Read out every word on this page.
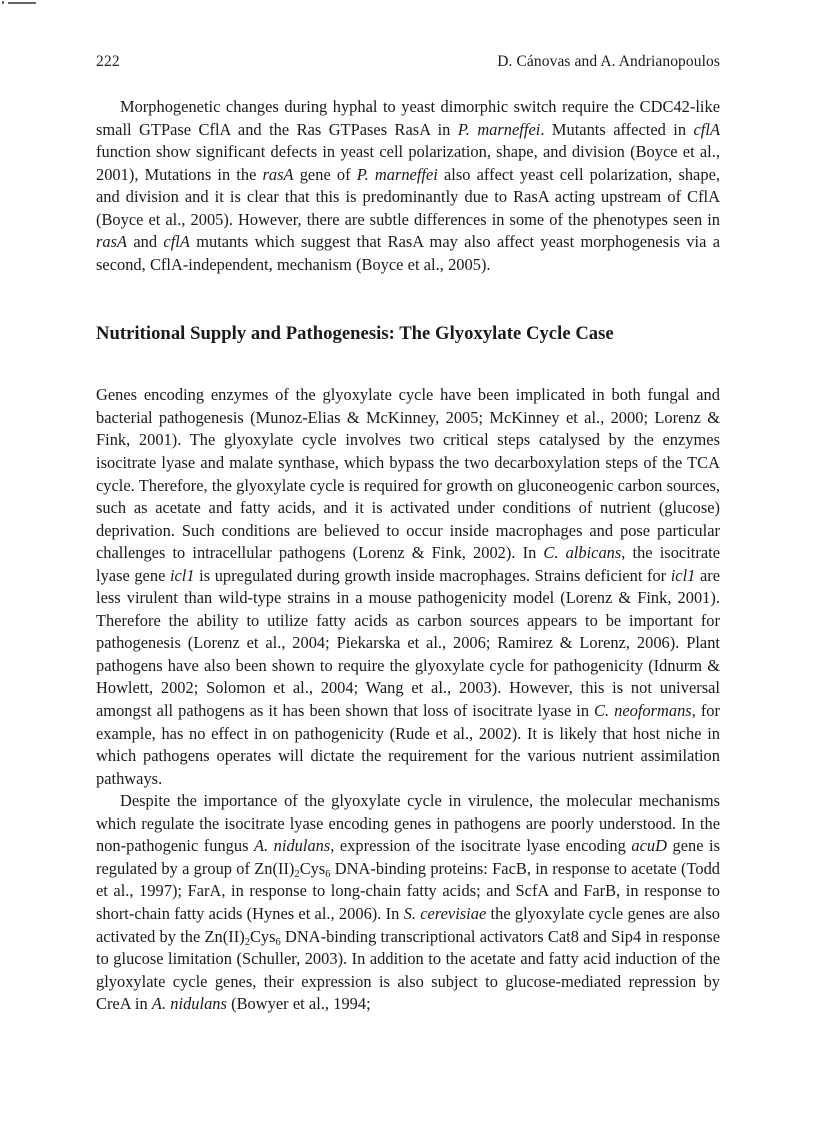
222	D. Cánovas and A. Andrianopoulos

Morphogenetic changes during hyphal to yeast dimorphic switch require the CDC42-like small GTPase CflA and the Ras GTPases RasA in P. marneffei. Mutants affected in cflA function show significant defects in yeast cell polarization, shape, and division (Boyce et al., 2001), Mutations in the rasA gene of P. marneffei also affect yeast cell polarization, shape, and division and it is clear that this is predominantly due to RasA acting upstream of CflA (Boyce et al., 2005). However, there are subtle differences in some of the phenotypes seen in rasA and cflA mutants which suggest that RasA may also affect yeast morphogenesis via a second, CflA-independent, mechanism (Boyce et al., 2005).

Nutritional Supply and Pathogenesis: The Glyoxylate Cycle Case

Genes encoding enzymes of the glyoxylate cycle have been implicated in both fungal and bacterial pathogenesis (Munoz-Elias & McKinney, 2005; McKinney et al., 2000; Lorenz & Fink, 2001). The glyoxylate cycle involves two critical steps catalysed by the enzymes isocitrate lyase and malate synthase, which bypass the two decarboxylation steps of the TCA cycle. Therefore, the glyoxylate cycle is required for growth on gluconeogenic carbon sources, such as acetate and fatty acids, and it is activated under conditions of nutrient (glucose) deprivation. Such conditions are believed to occur inside macrophages and pose particular challenges to intracellular pathogens (Lorenz & Fink, 2002). In C. albicans, the isocitrate lyase gene icl1 is upregulated during growth inside macrophages. Strains deficient for icl1 are less virulent than wild-type strains in a mouse pathogenicity model (Lorenz & Fink, 2001). Therefore the ability to utilize fatty acids as carbon sources appears to be important for pathogenesis (Lorenz et al., 2004; Piekarska et al., 2006; Ramirez & Lorenz, 2006). Plant pathogens have also been shown to require the glyoxylate cycle for pathogenicity (Idnurm & Howlett, 2002; Solomon et al., 2004; Wang et al., 2003). However, this is not universal amongst all pathogens as it has been shown that loss of isocitrate lyase in C. neoformans, for example, has no effect in on pathogenicity (Rude et al., 2002). It is likely that host niche in which pathogens operates will dictate the requirement for the various nutrient assimilation pathways.

Despite the importance of the glyoxylate cycle in virulence, the molecular mechanisms which regulate the isocitrate lyase encoding genes in pathogens are poorly understood. In the non-pathogenic fungus A. nidulans, expression of the isocitrate lyase encoding acuD gene is regulated by a group of $Zn(II)_2Cys_6$ DNA-binding proteins: FacB, in response to acetate (Todd et al., 1997); FarA, in response to long-chain fatty acids; and ScfA and FarB, in response to short-chain fatty acids (Hynes et al., 2006). In S. cerevisiae the glyoxylate cycle genes are also activated by the $Zn(II)_2Cys_6$ DNA-binding transcriptional activators Cat8 and Sip4 in response to glucose limitation (Schuller, 2003). In addition to the acetate and fatty acid induction of the glyoxylate cycle genes, their expression is also subject to glucose-mediated repression by CreA in A. nidulans (Bowyer et al., 1994;
